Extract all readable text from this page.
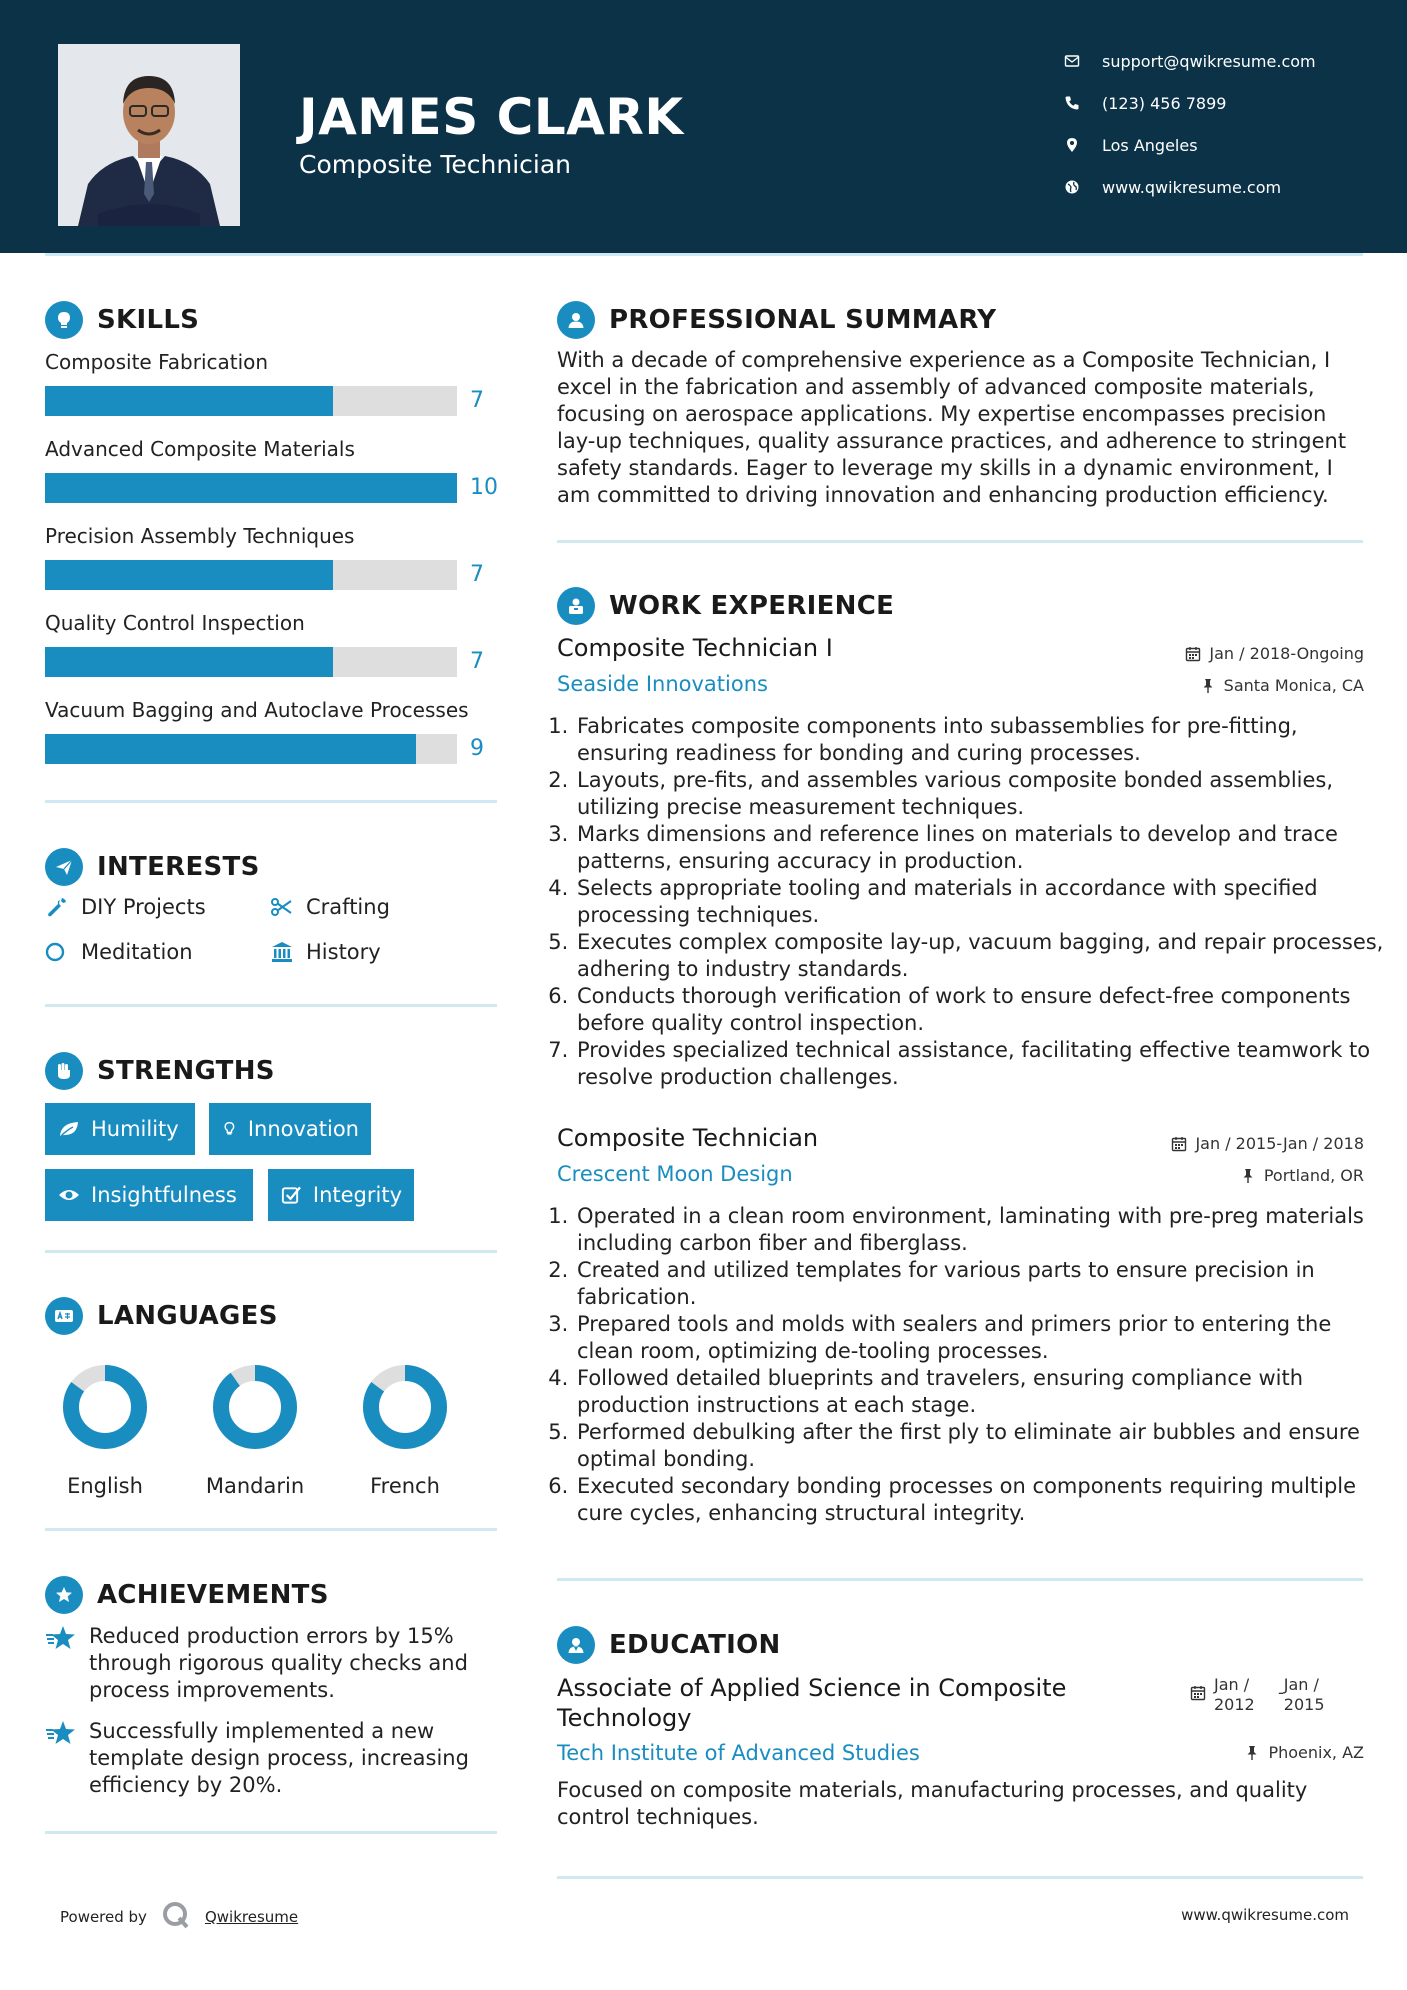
JAMES CLARK
Composite Technician
support@qwikresume.com
(123) 456 7899
Los Angeles
www.qwikresume.com
SKILLS
Composite Fabrication
7
Advanced Composite Materials
10
Precision Assembly Techniques
7
Quality Control Inspection
7
Vacuum Bagging and Autoclave Processes
9
INTERESTS
DIY Projects	Crafting
Meditation	History
STRENGTHS
Humility	Innovation
Insightfulness	Integrity
LANGUAGES
English	Mandarin	French
ACHIEVEMENTS
Reduced production errors by 15% through rigorous quality checks and process improvements.
Successfully implemented a new template design process, increasing efficiency by 20%.
PROFESSIONAL SUMMARY
With a decade of comprehensive experience as a Composite Technician, I excel in the fabrication and assembly of advanced composite materials, focusing on aerospace applications. My expertise encompasses precision lay-up techniques, quality assurance practices, and adherence to stringent safety standards. Eager to leverage my skills in a dynamic environment, I am committed to driving innovation and enhancing production efficiency.
WORK EXPERIENCE
Composite Technician I	Jan / 2018-Ongoing
Seaside Innovations	Santa Monica, CA
1. Fabricates composite components into subassemblies for pre-fitting, ensuring readiness for bonding and curing processes.
2. Layouts, pre-fits, and assembles various composite bonded assemblies, utilizing precise measurement techniques.
3. Marks dimensions and reference lines on materials to develop and trace patterns, ensuring accuracy in production.
4. Selects appropriate tooling and materials in accordance with specified processing techniques.
5. Executes complex composite lay-up, vacuum bagging, and repair processes, adhering to industry standards.
6. Conducts thorough verification of work to ensure defect-free components before quality control inspection.
7. Provides specialized technical assistance, facilitating effective teamwork to resolve production challenges.
Composite Technician	Jan / 2015-Jan / 2018
Crescent Moon Design	Portland, OR
1. Operated in a clean room environment, laminating with pre-preg materials including carbon fiber and fiberglass.
2. Created and utilized templates for various parts to ensure precision in fabrication.
3. Prepared tools and molds with sealers and primers prior to entering the clean room, optimizing de-tooling processes.
4. Followed detailed blueprints and travelers, ensuring compliance with production instructions at each stage.
5. Performed debulking after the first ply to eliminate air bubbles and ensure optimal bonding.
6. Executed secondary bonding processes on components requiring multiple cure cycles, enhancing structural integrity.
EDUCATION
Associate of Applied Science in Composite Technology
Jan / 2012
- Jan / 2015
Tech Institute of Advanced Studies	Phoenix, AZ
Focused on composite materials, manufacturing processes, and quality control techniques.
Powered by	Qwikresume	www.qwikresume.com
